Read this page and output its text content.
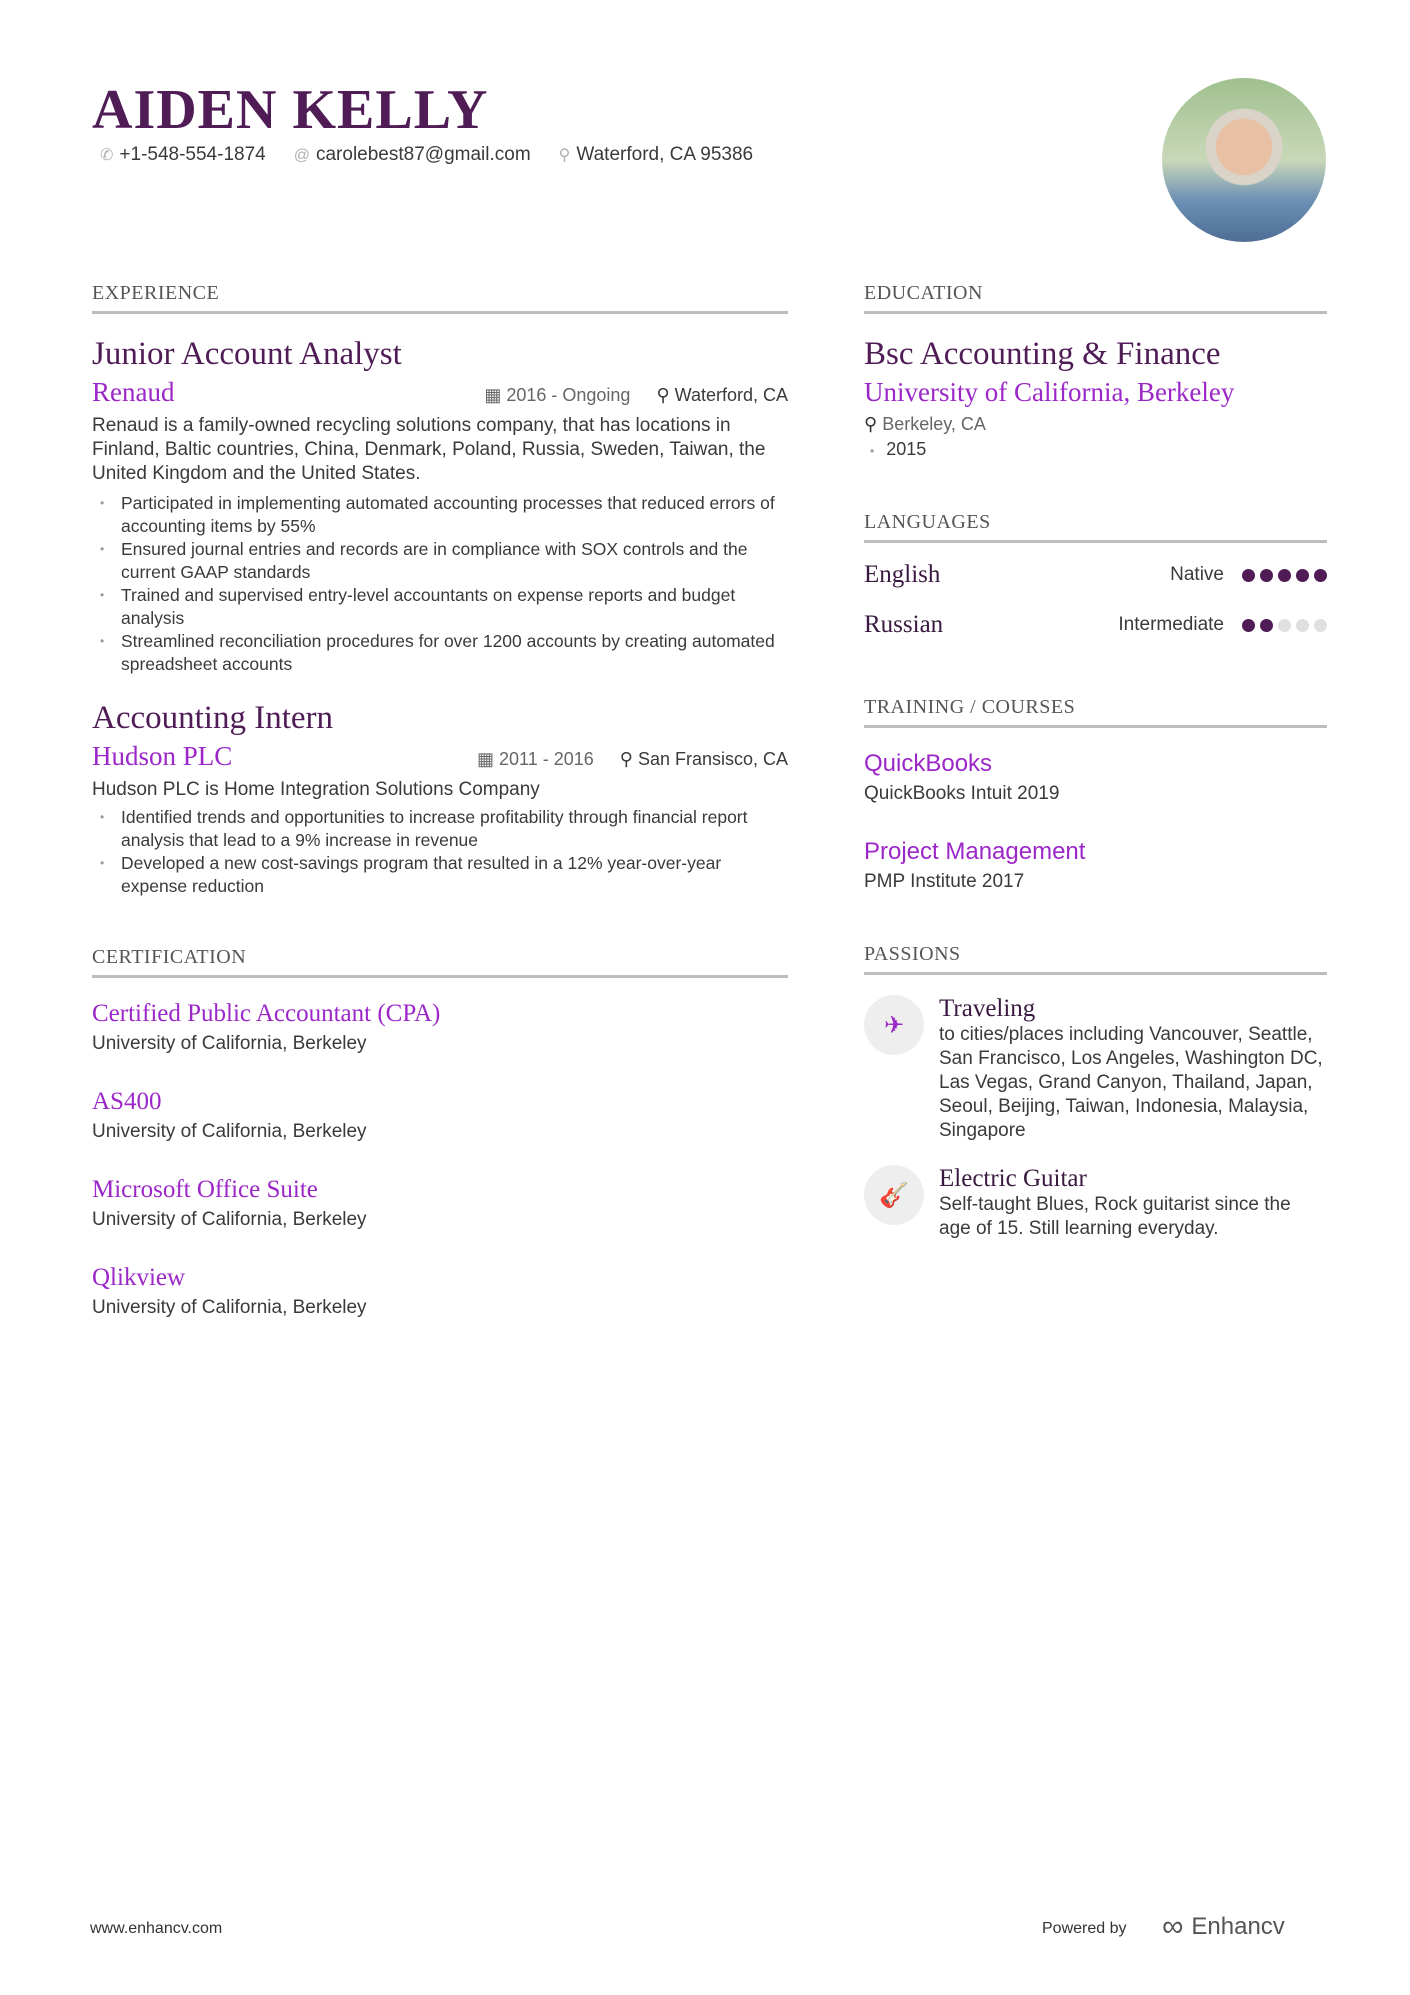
AIDEN KELLY
✆ +1-548-554-1874 @ carolebest87@gmail.com ⚲ Waterford, CA 95386
EXPERIENCE
Junior Account Analyst
Renaud	▦ 2016 - Ongoing ⚲ Waterford, CA
Renaud is a family-owned recycling solutions company, that has locations in Finland, Baltic countries, China, Denmark, Poland, Russia, Sweden, Taiwan, the United Kingdom and the United States.
• Participated in implementing automated accounting processes that reduced errors of accounting items by 55%
• Ensured journal entries and records are in compliance with SOX controls and the current GAAP standards
• Trained and supervised entry-level accountants on expense reports and budget analysis
• Streamlined reconciliation procedures for over 1200 accounts by creating automated spreadsheet accounts
Accounting Intern
Hudson PLC	▦ 2011 - 2016 ⚲ San Fransisco, CA
Hudson PLC is Home Integration Solutions Company
• Identified trends and opportunities to increase profitability through financial report analysis that lead to a 9% increase in revenue
• Developed a new cost-savings program that resulted in a 12% year-over-year expense reduction
CERTIFICATION
Certified Public Accountant (CPA)
University of California, Berkeley
AS400
University of California, Berkeley
Microsoft Office Suite
University of California, Berkeley
Qlikview
University of California, Berkeley
EDUCATION
Bsc Accounting & Finance
University of California, Berkeley
⚲ Berkeley, CA
• 2015
LANGUAGES
English	Native
Russian	Intermediate
TRAINING / COURSES
QuickBooks
QuickBooks Intuit 2019
Project Management
PMP Institute 2017
PASSIONS
✈
Traveling
to cities/places including Vancouver, Seattle, San Francisco, Los Angeles, Washington DC, Las Vegas, Grand Canyon, Thailand, Japan, Seoul, Beijing, Taiwan, Indonesia, Malaysia, Singapore
🎸
Electric Guitar
Self-taught Blues, Rock guitarist since the age of 15. Still learning everyday.
www.enhancv.com	Powered by ∞ Enhancv
